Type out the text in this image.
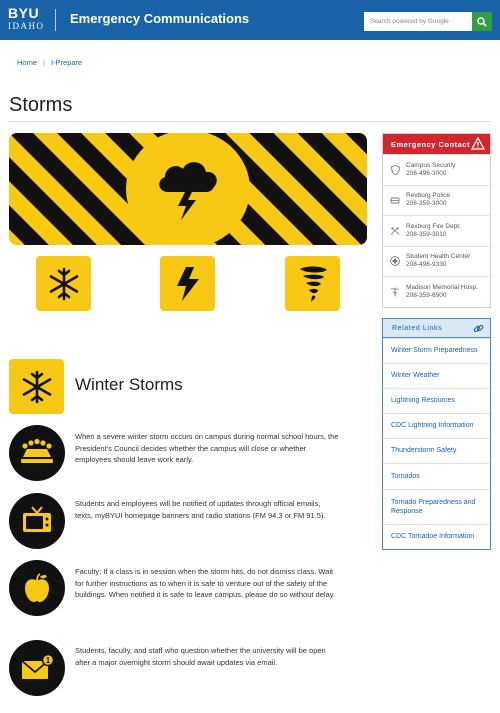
BYU
IDAHO Emergency Communications
Search powered by Google
Home | I-Prepare
Storms
Emergency Contact
Campus Security
208-496-3000
Rexburg Police
208-359-3000
Rexburg Fire Dept.
208-359-3010
Student Health Center
208-496-9330
Madison Memorial Hosp.
208-359-6900
Related Links
Winter Storm Preparedness
Winter Weather
Lightning Resources
CDC Lightning Information
Thunderstorm Safety
Tornados
Tornado Preparedness and Response
CDC Tornadoe Information
Winter Storms

When a severe winter storm occurs on campus during normal school hours, the President's Council decides whether the campus will close or whether employees should leave work early.

Students and employees will be notified of updates through official emails, texts, myBYUI homepage banners and radio stations (FM 94.3 or FM 91.5).

Faculty: If a class is in session when the storm hits, do not dismiss class. Wait for further instructions as to when it is safe to venture out of the safety of the buildings. When notified it is safe to leave campus, please do so without delay.

1

Students, faculty, and staff who question whether the university will be open after a major overnight storm should await updates via email.
